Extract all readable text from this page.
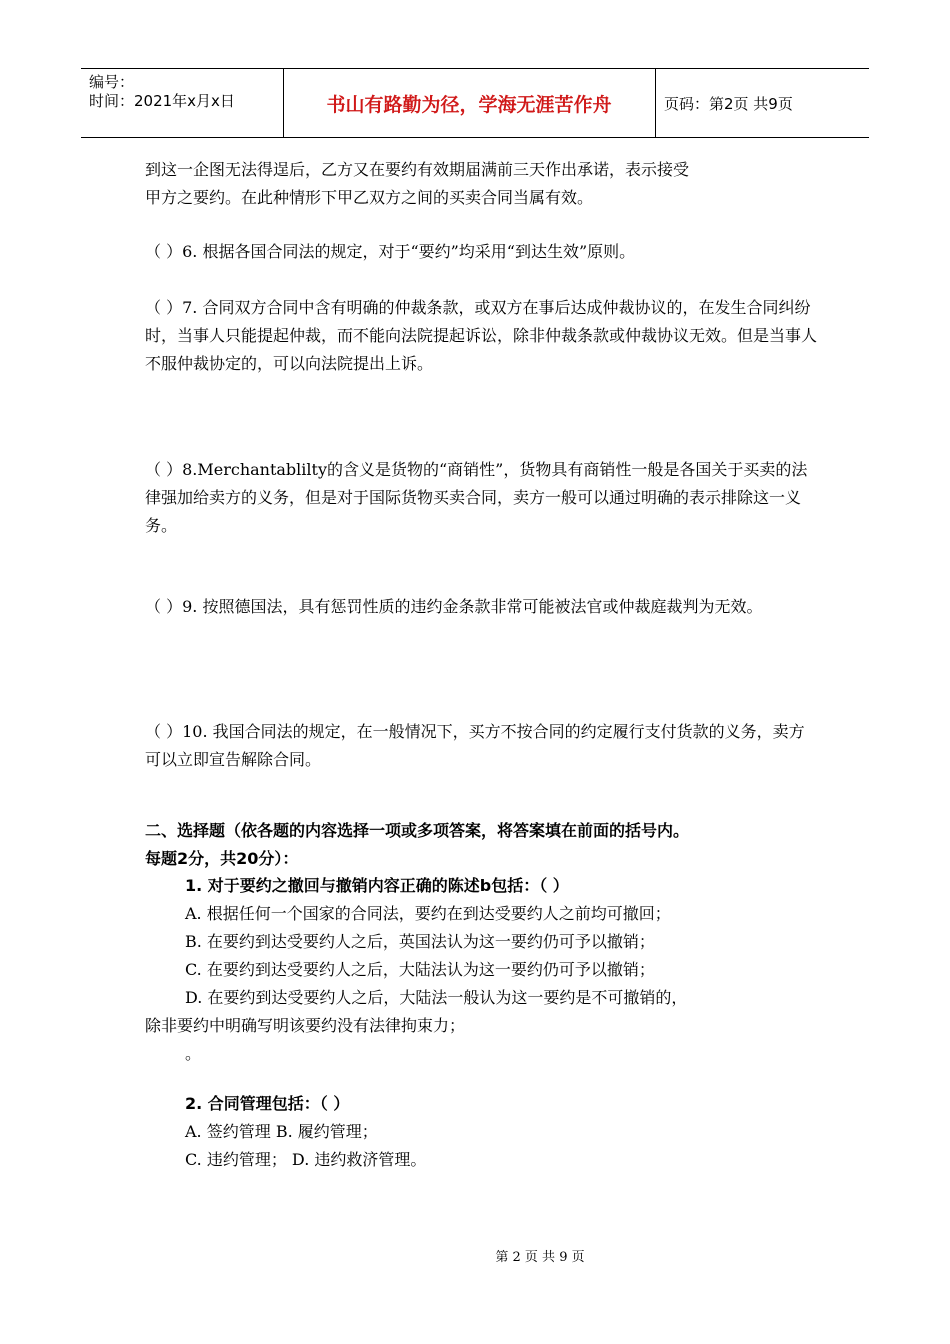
编号：
时间：2021年x月x日	书山有路勤为径，学海无涯苦作舟	页码：第2页 共9页
到这一企图无法得逞后，乙方又在要约有效期届满前三天作出承诺，表示接受
甲方之要约。在此种情形下甲乙双方之间的买卖合同当属有效。
（ ）6. 根据各国合同法的规定，对于“要约”均采用“到达生效”原则。
（ ）7. 合同双方合同中含有明确的仲裁条款，或双方在事后达成仲裁协议的，在发生合同纠纷时，当事人只能提起仲裁，而不能向法院提起诉讼，除非仲裁条款或仲裁协议无效。但是当事人不服仲裁协定的，可以向法院提出上诉。
（ ）8.Merchantablilty的含义是货物的“商销性”，货物具有商销性一般是各国关于买卖的法律强加给卖方的义务，但是对于国际货物买卖合同，卖方一般可以通过明确的表示排除这一义务。
（ ）9. 按照德国法，具有惩罚性质的违约金条款非常可能被法官或仲裁庭裁判为无效。
（ ）10. 我国合同法的规定，在一般情况下，买方不按合同的约定履行支付货款的义务，卖方可以立即宣告解除合同。
二、选择题（依各题的内容选择一项或多项答案，将答案填在前面的括号内。
每题2分，共20分）：
1. 对于要约之撤回与撤销内容正确的陈述b包括：（ ）
A. 根据任何一个国家的合同法，要约在到达受要约人之前均可撤回；
B. 在要约到达受要约人之后，英国法认为这一要约仍可予以撤销；
C. 在要约到达受要约人之后，大陆法认为这一要约仍可予以撤销；
D. 在要约到达受要约人之后，大陆法一般认为这一要约是不可撤销的，
除非要约中明确写明该要约没有法律拘束力；
。
2. 合同管理包括：（ ）
A. 签约管理 B. 履约管理；
C. 违约管理； D. 违约救济管理。
第 2 页 共 9 页
